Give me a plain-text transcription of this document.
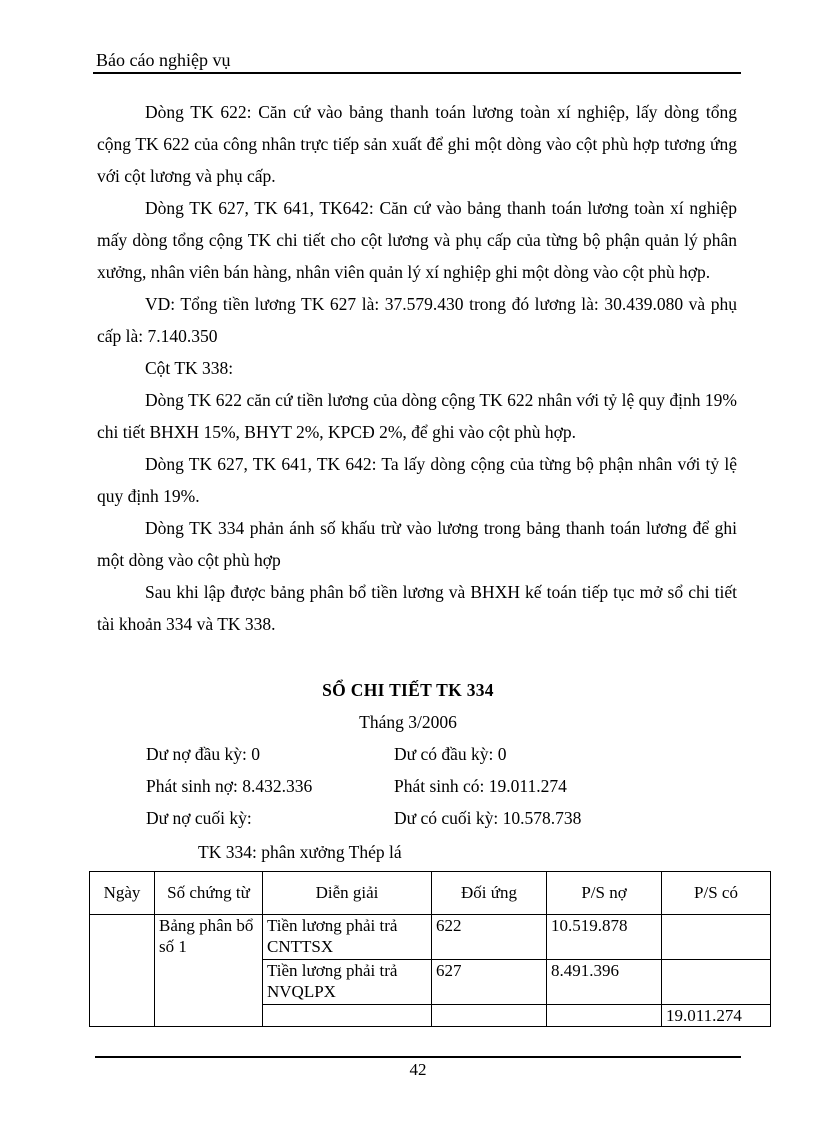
Báo cáo nghiệp vụ

Dòng TK 622: Căn cứ vào bảng thanh toán lương toàn xí nghiệp, lấy dòng tổng cộng TK 622 của công nhân trực tiếp sản xuất để ghi một dòng vào cột phù hợp tương ứng với cột lương và phụ cấp.

Dòng TK 627, TK 641, TK642: Căn cứ vào bảng thanh toán lương toàn xí nghiệp mấy dòng tổng cộng TK chi tiết cho cột lương và phụ cấp của từng bộ phận quản lý phân xưởng, nhân viên bán hàng, nhân viên quản lý xí nghiệp ghi một dòng vào cột phù hợp.

VD: Tổng tiền lương TK 627 là: 37.579.430 trong đó lương là: 30.439.080 và phụ cấp là: 7.140.350

Cột TK 338:

Dòng TK 622 căn cứ tiền lương của dòng cộng TK 622 nhân với tỷ lệ quy định 19% chi tiết BHXH 15%, BHYT 2%, KPCĐ 2%, để ghi vào cột phù hợp.

Dòng TK 627, TK 641, TK 642: Ta lấy dòng cộng của từng bộ phận nhân với tỷ lệ quy định 19%.

Dòng TK 334 phản ánh số khấu trừ vào lương trong bảng thanh toán lương để ghi một dòng vào cột phù hợp

Sau khi lập được bảng phân bổ tiền lương và BHXH kế toán tiếp tục mở sổ chi tiết tài khoản 334 và TK 338.

SỔ CHI TIẾT TK 334
Tháng 3/2006
Dư nợ đầu kỳ: 0	Dư có đầu kỳ: 0
Phát sinh nợ: 8.432.336	Phát sinh có: 19.011.274
Dư nợ cuối kỳ:	Dư có cuối kỳ: 10.578.738
TK 334: phân xưởng Thép lá
Ngày	Số chứng từ	Diễn giải	Đối ứng	P/S nợ	P/S có
	Bảng phân bổ số 1	Tiền lương phải trả CNTTSX	622	10.519.878	
		Tiền lương phải trả NVQLPX	627	8.491.396	
					19.011.274
42
